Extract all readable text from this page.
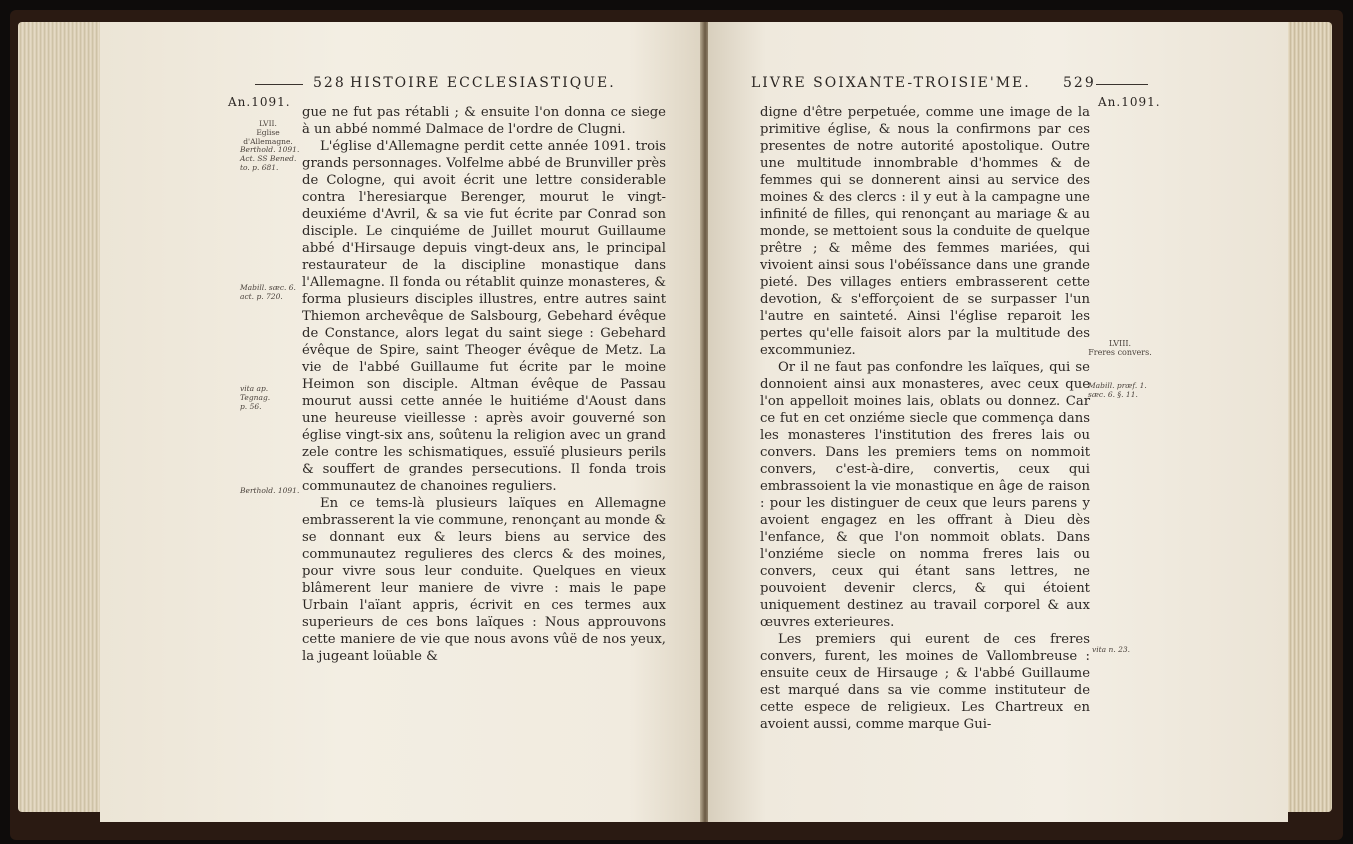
528 HISTOIRE ECCLESIASTIQUE.
An.1091.
LVII.
Eglise d'Allemagne.
Berthold. 1091.
Act. SS Bened.
to. p. 681.
Mabill. sæc. 6.
act. p. 720.
vita ap. Tegnag.
p. 56.
Berthold. 1091.

gue ne fut pas rétabli ; & ensuite l'on donna ce siege à un abbé nommé Dalmace de l'ordre de Clugni.

L'église d'Allemagne perdit cette année 1091. trois grands personnages. Volfelme abbé de Brunviller près de Cologne, qui avoit écrit une lettre considerable contra l'heresiarque Berenger, mourut le vingt-deuxiéme d'Avril, & sa vie fut écrite par Conrad son disciple. Le cinquiéme de Juillet mourut Guillaume abbé d'Hirsauge depuis vingt-deux ans, le principal restaurateur de la discipline monastique dans l'Allemagne. Il fonda ou rétablit quinze monasteres, & forma plusieurs disciples illustres, entre autres saint Thiemon archevêque de Salsbourg, Gebehard évêque de Constance, alors legat du saint siege : Gebehard évêque de Spire, saint Theoger évêque de Metz. La vie de l'abbé Guillaume fut écrite par le moine Heimon son disciple. Altman évêque de Passau mourut aussi cette année le huitiéme d'Aoust dans une heureuse vieillesse : après avoir gouverné son église vingt-six ans, soûtenu la religion avec un grand zele contre les schismatiques, essuïé plusieurs perils & souffert de grandes persecutions. Il fonda trois communautez de chanoines reguliers.

En ce tems-là plusieurs laïques en Allemagne embrasserent la vie commune, renonçant au monde & se donnant eux & leurs biens au service des communautez regulieres des clercs & des moines, pour vivre sous leur conduite. Quelques en vieux blâmerent leur maniere de vivre : mais le pape Urbain l'aïant appris, écrivit en ces termes aux superieurs de ces bons laïques : Nous approuvons cette maniere de vie que nous avons vûë de nos yeux, la jugeant loüable &

LIVRE SOIXANTE-TROISIE'ME. 529
An.1091.
LVIII.
Freres convers.
Mabill. præf. 1.
sæc. 6. §. 11.
vita n. 23.

digne d'être perpetuée, comme une image de la primitive église, & nous la confirmons par ces presentes de notre autorité apostolique. Outre une multitude innombrable d'hommes & de femmes qui se donnerent ainsi au service des moines & des clercs : il y eut à la campagne une infinité de filles, qui renonçant au mariage & au monde, se mettoient sous la conduite de quelque prêtre ; & même des femmes mariées, qui vivoient ainsi sous l'obéïssance dans une grande pieté. Des villages entiers embrasserent cette devotion, & s'efforçoient de se surpasser l'un l'autre en sainteté. Ainsi l'église reparoit les pertes qu'elle faisoit alors par la multitude des excommuniez.

Or il ne faut pas confondre les laïques, qui se donnoient ainsi aux monasteres, avec ceux que l'on appelloit moines lais, oblats ou donnez. Car ce fut en cet onziéme siecle que commença dans les monasteres l'institution des freres lais ou convers. Dans les premiers tems on nommoit convers, c'est-à-dire, convertis, ceux qui embrassoient la vie monastique en âge de raison : pour les distinguer de ceux que leurs parens y avoient engagez en les offrant à Dieu dès l'enfance, & que l'on nommoit oblats. Dans l'onziéme siecle on nomma freres lais ou convers, ceux qui étant sans lettres, ne pouvoient devenir clercs, & qui étoient uniquement destinez au travail corporel & aux œuvres exterieures.

Les premiers qui eurent de ces freres convers, furent, les moines de Vallombreuse : ensuite ceux de Hirsauge ; & l'abbé Guillaume est marqué dans sa vie comme instituteur de cette espece de religieux. Les Chartreux en avoient aussi, comme marque Gui-
